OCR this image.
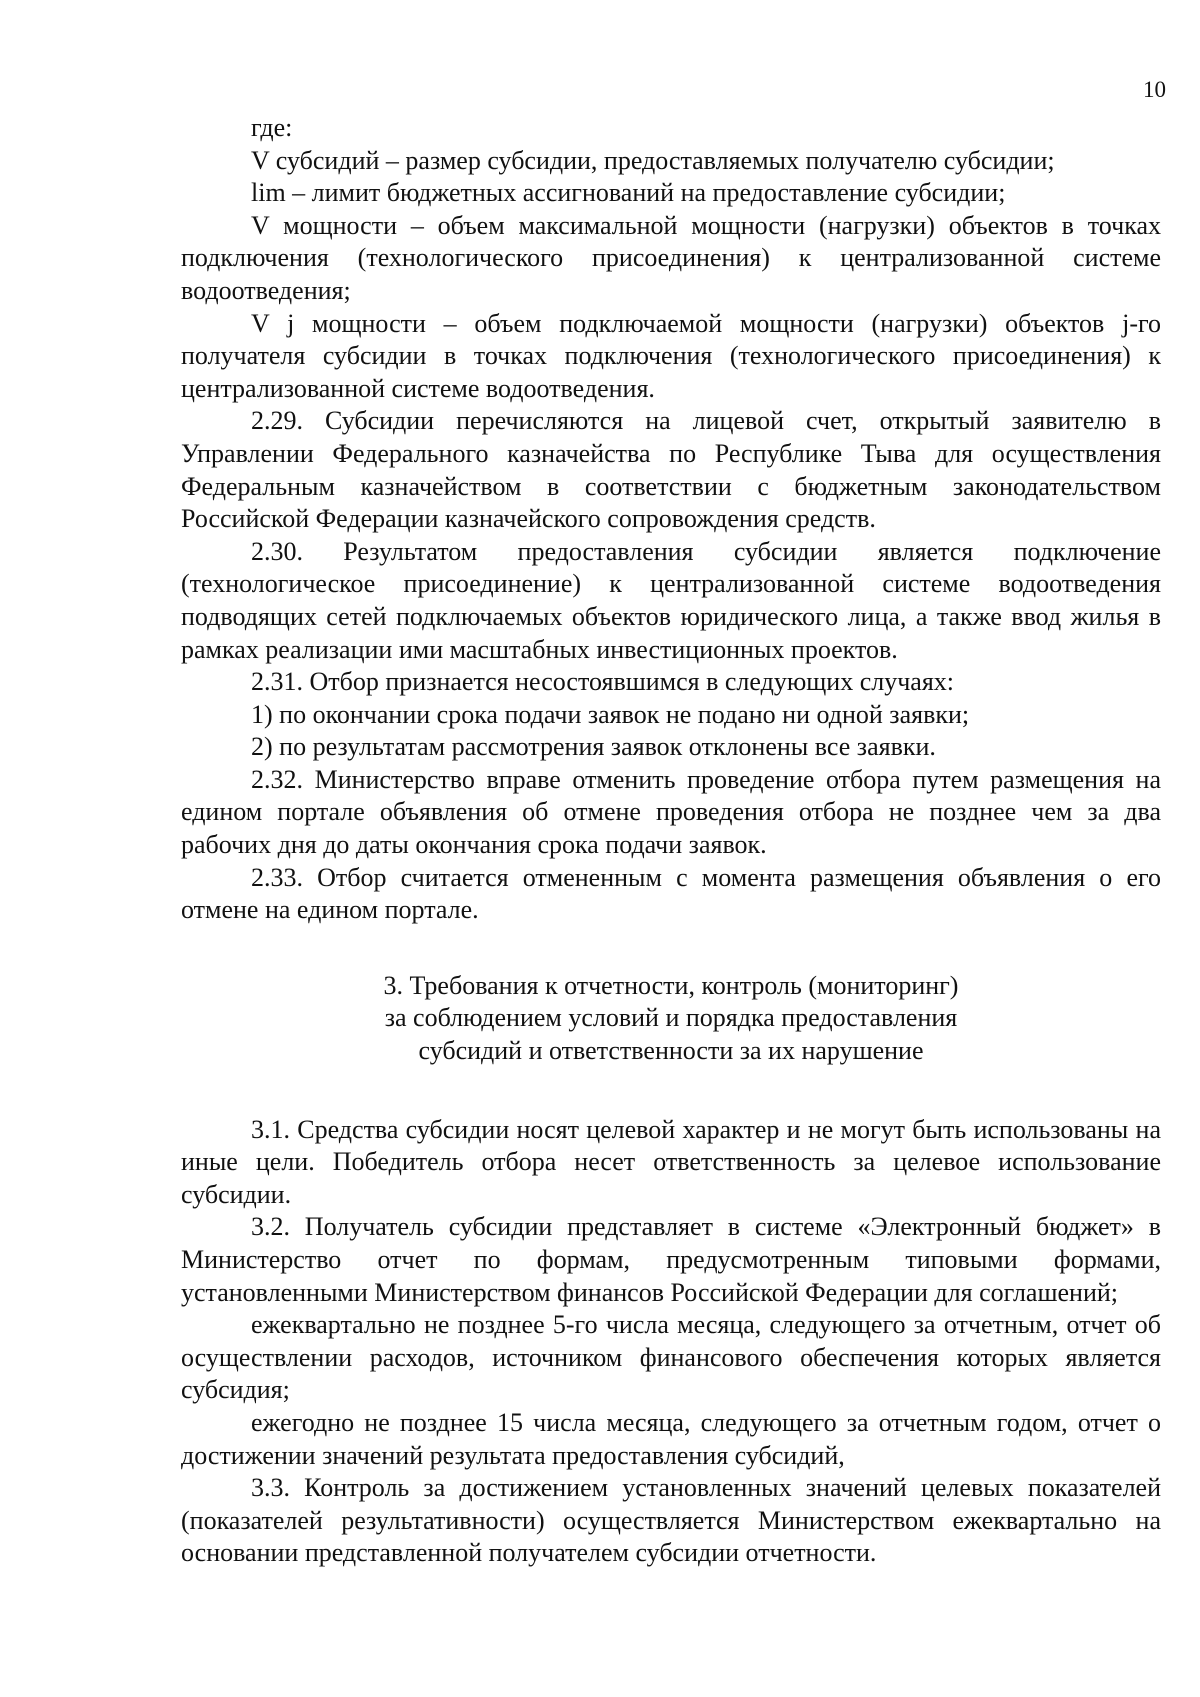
10

где:

V субсидий – размер субсидии, предоставляемых получателю субсидии;

lim – лимит бюджетных ассигнований на предоставление субсидии;

V мощности – объем максимальной мощности (нагрузки) объектов в точках подключения (технологического присоединения) к централизованной системе водоотведения;

V j мощности – объем подключаемой мощности (нагрузки) объектов j-го получателя субсидии в точках подключения (технологического присоединения) к централизованной системе водоотведения.

2.29. Субсидии перечисляются на лицевой счет, открытый заявителю в Управлении Федерального казначейства по Республике Тыва для осуществления Федеральным казначейством в соответствии с бюджетным законодательством Российской Федерации казначейского сопровождения средств.

2.30. Результатом предоставления субсидии является подключение (технологическое присоединение) к централизованной системе водоотведения подводящих сетей подключаемых объектов юридического лица, а также ввод жилья в рамках реализации ими масштабных инвестиционных проектов.

2.31. Отбор признается несостоявшимся в следующих случаях:

1) по окончании срока подачи заявок не подано ни одной заявки;

2) по результатам рассмотрения заявок отклонены все заявки.

2.32. Министерство вправе отменить проведение отбора путем размещения на едином портале объявления об отмене проведения отбора не позднее чем за два рабочих дня до даты окончания срока подачи заявок.

2.33. Отбор считается отмененным с момента размещения объявления о его отмене на едином портале.

3. Требования к отчетности, контроль (мониторинг)
за соблюдением условий и порядка предоставления
субсидий и ответственности за их нарушение

3.1. Средства субсидии носят целевой характер и не могут быть использованы на иные цели. Победитель отбора несет ответственность за целевое использование субсидии.

3.2. Получатель субсидии представляет в системе «Электронный бюджет» в Министерство отчет по формам, предусмотренным типовыми формами, установленными Министерством финансов Российской Федерации для соглашений;

ежеквартально не позднее 5-го числа месяца, следующего за отчетным, отчет об осуществлении расходов, источником финансового обеспечения которых является субсидия;

ежегодно не позднее 15 числа месяца, следующего за отчетным годом, отчет о достижении значений результата предоставления субсидий,

3.3. Контроль за достижением установленных значений целевых показателей (показателей результативности) осуществляется Министерством ежеквартально на основании представленной получателем субсидии отчетности.
